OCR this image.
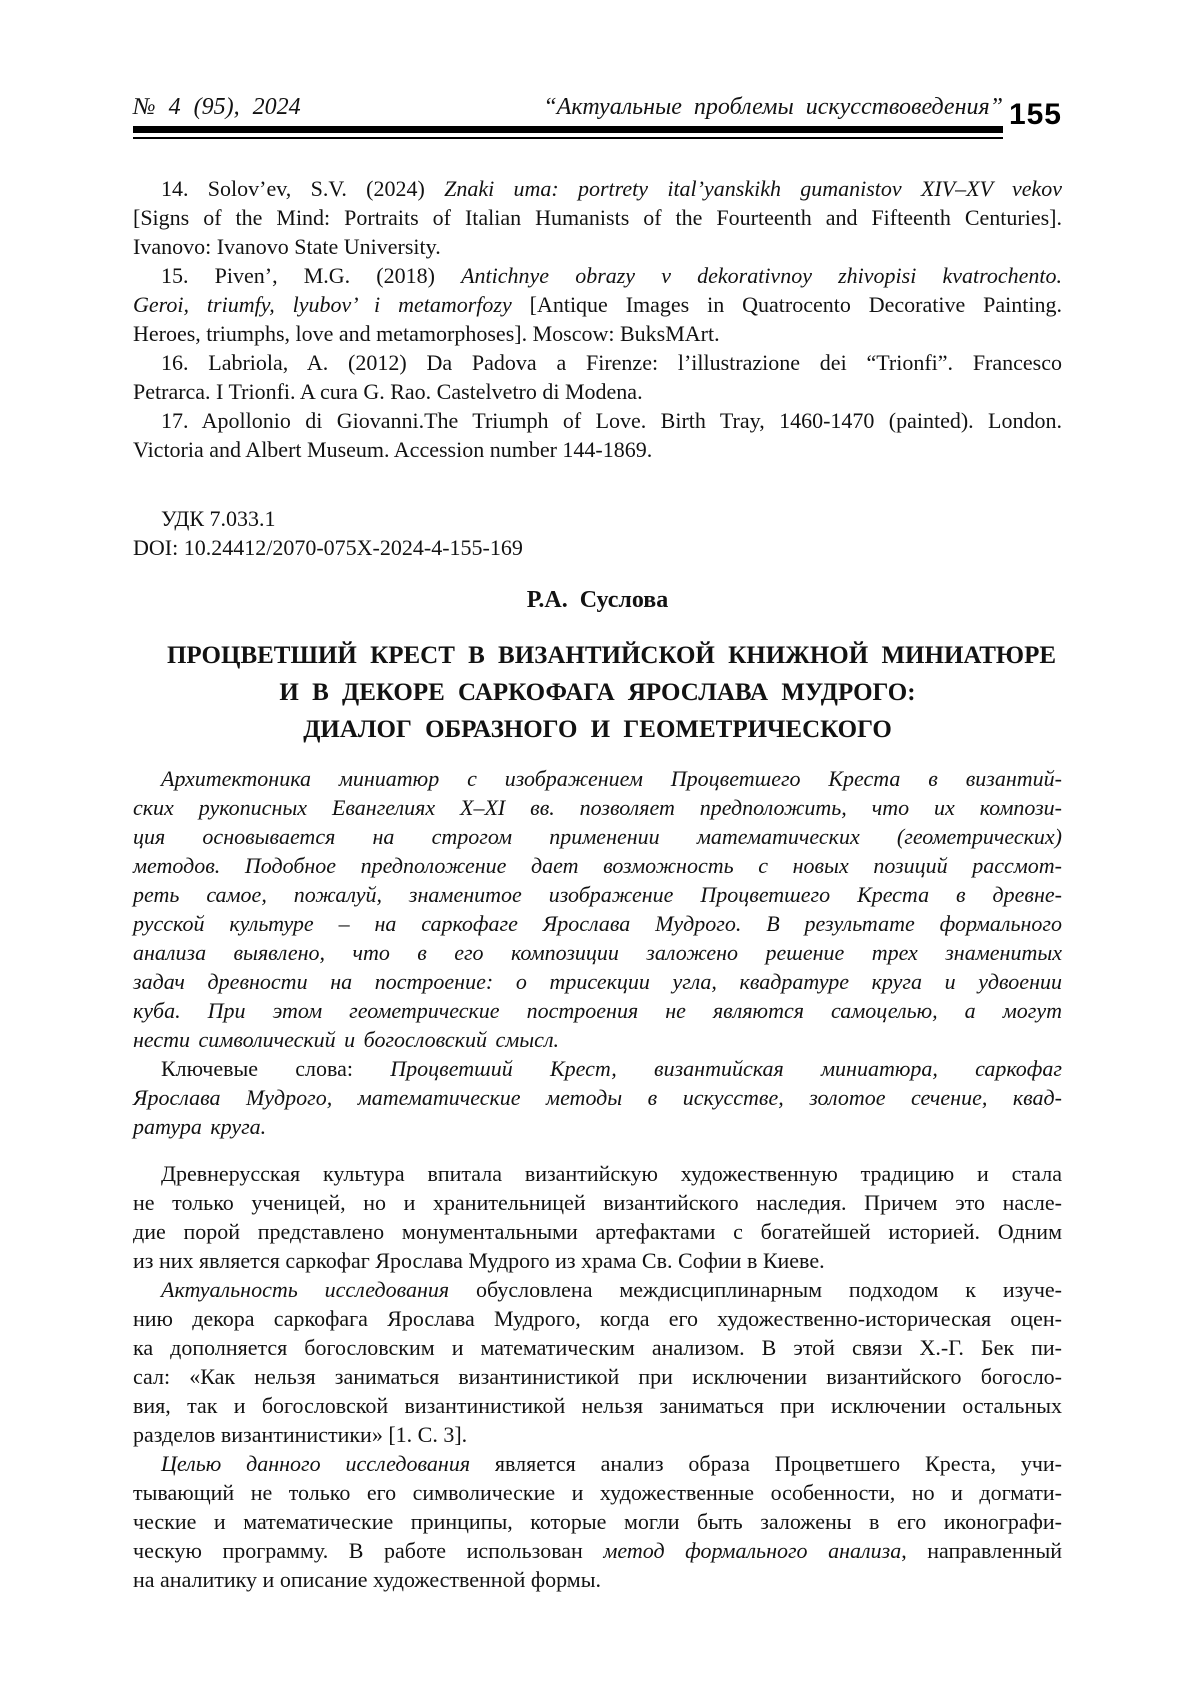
№ 4 (95), 2024	“Актуальные проблемы искусствоведения” 155
14. Solov’ev, S.V. (2024) Znaki uma: portrety ital’yanskikh gumanistov XIV–XV vekov
[Signs of the Mind: Portraits of Italian Humanists of the Fourteenth and Fifteenth Centuries].
Ivanovo: Ivanovo State University.
15. Piven’, M.G. (2018) Antichnye obrazy v dekorativnoy zhivopisi kvatrochento.
Geroi, triumfy, lyubov’ i metamorfozy [Antique Images in Quatrocento Decorative Painting.
Heroes, triumphs, love and metamorphoses]. Moscow: BuksMArt.
16. Labriola, A. (2012) Da Padova a Firenze: l’illustrazione dei “Trionfi”. Francesco
Petrarca. I Trionfi. A cura G. Rao. Castelvetro di Modena.
17. Apollonio di Giovanni.The Triumph of Love. Birth Tray, 1460-1470 (painted). London.
Victoria and Albert Museum. Accession number 144-1869.
УДК 7.033.1
DOI: 10.24412/2070-075X-2024-4-155-169
Р.А.  Суслова
ПРОЦВЕТШИЙ КРЕСТ В ВИЗАНТИЙСКОЙ КНИЖНОЙ МИНИАТЮРЕ
И В ДЕКОРЕ САРКОФАГА ЯРОСЛАВА МУДРОГО:
ДИАЛОГ ОБРАЗНОГО И ГЕОМЕТРИЧЕСКОГО
Архитектоника миниатюр с изображением Процветшего Креста в византий-
ских рукописных Евангелиях X–XI вв. позволяет предположить, что их компози-
ция основывается на строгом применении математических (геометрических)
методов. Подобное предположение дает возможность с новых позиций рассмот-
реть самое, пожалуй, знаменитое изображение Процветшего Креста в древне-
русской культуре – на саркофаге Ярослава Мудрого. В результате формального
анализа выявлено, что в его композиции заложено решение трех знаменитых
задач древности на построение: о трисекции угла, квадратуре круга и удвоении
куба. При этом геометрические построения не являются самоцелью, а могут
нести символический и богословский смысл.
Ключевые слова: Процветший Крест, византийская миниатюра, саркофаг
Ярослава Мудрого, математические методы в искусстве, золотое сечение, квад-
ратура круга.
Древнерусская культура впитала византийскую художественную традицию и стала
не только ученицей, но и хранительницей византийского наследия. Причем это насле-
дие порой представлено монументальными артефактами с богатейшей историей. Одним
из них является саркофаг Ярослава Мудрого из храма Св. Софии в Киеве.
Актуальность исследования обусловлена междисциплинарным подходом к изуче-
нию декора саркофага Ярослава Мудрого, когда его художественно-историческая оцен-
ка дополняется богословским и математическим анализом. В этой связи Х.-Г. Бек пи-
сал: «Как нельзя заниматься византинистикой при исключении византийского богосло-
вия, так и богословской византинистикой нельзя заниматься при исключении остальных
разделов византинистики» [1. С. 3].
Целью данного исследования является анализ образа Процветшего Креста, учи-
тывающий не только его символические и художественные особенности, но и догмати-
ческие и математические принципы, которые могли быть заложены в его иконографи-
ческую программу. В работе использован метод формального анализа, направленный
на аналитику и описание художественной формы.
